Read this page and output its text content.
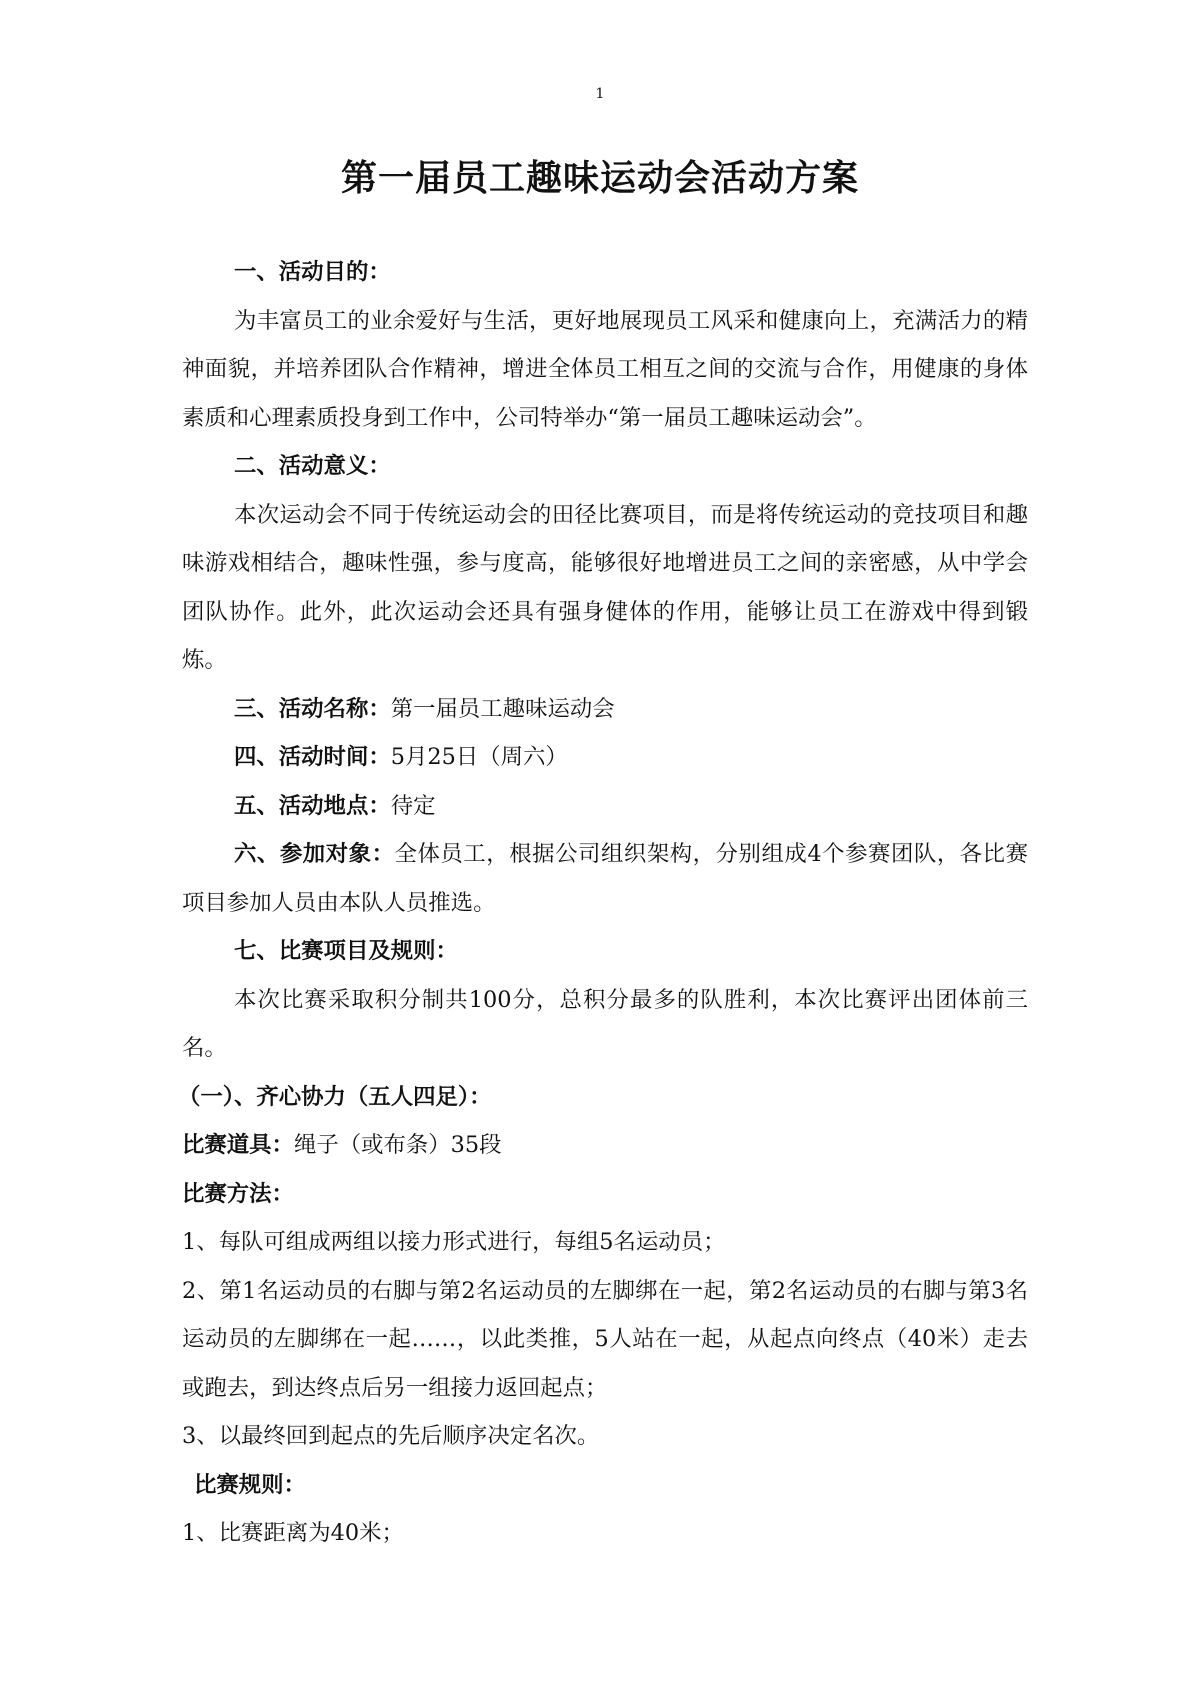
1
第一届员工趣味运动会活动方案

一、活动目的：

为丰富员工的业余爱好与生活，更好地展现员工风采和健康向上，充满活力的精神面貌，并培养团队合作精神，增进全体员工相互之间的交流与合作，用健康的身体素质和心理素质投身到工作中，公司特举办“第一届员工趣味运动会”。

二、活动意义：

本次运动会不同于传统运动会的田径比赛项目，而是将传统运动的竞技项目和趣味游戏相结合，趣味性强，参与度高，能够很好地增进员工之间的亲密感，从中学会团队协作。此外，此次运动会还具有强身健体的作用，能够让员工在游戏中得到锻炼。

三、活动名称：第一届员工趣味运动会

四、活动时间：5月25日（周六）

五、活动地点：待定

六、参加对象：全体员工，根据公司组织架构，分别组成4个参赛团队，各比赛项目参加人员由本队人员推选。

七、比赛项目及规则：

本次比赛采取积分制共100分，总积分最多的队胜利，本次比赛评出团体前三名。

（一）、齐心协力（五人四足）：

比赛道具：绳子（或布条）35段

比赛方法：

1、每队可组成两组以接力形式进行，每组5名运动员；

2、第1名运动员的右脚与第2名运动员的左脚绑在一起，第2名运动员的右脚与第3名运动员的左脚绑在一起……，以此类推，5人站在一起，从起点向终点（40米）走去或跑去，到达终点后另一组接力返回起点；

3、以最终回到起点的先后顺序决定名次。

比赛规则：

1、比赛距离为40米；
